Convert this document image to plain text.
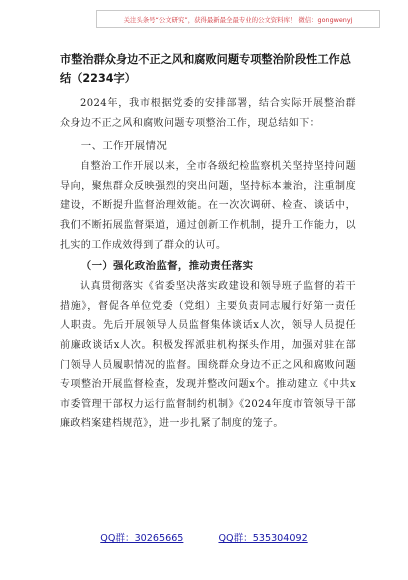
关注头条号“公文研究”，获得最新最全最专业的公文资料库！ 微信：gongwenyj
市整治群众身边不正之风和腐败问题专项整治阶段性工作总结（2234字）

2024年，我市根据党委的安排部署，结合实际开展整治群众身边不正之风和腐败问题专项整治工作，现总结如下：

一、工作开展情况

自整治工作开展以来，全市各级纪检监察机关坚持坚持问题导向，聚焦群众反映强烈的突出问题，坚持标本兼治，注重制度建设，不断提升监督治理效能。在一次次调研、检查、谈话中，我们不断拓展监督渠道，通过创新工作机制，提升工作能力，以扎实的工作成效得到了群众的认可。

（一）强化政治监督，推动责任落实

认真贯彻落实《省委坚决落实政建设和领导班子监督的若干措施》，督促各单位党委（党组）主要负责同志履行好第一责任人职责。先后开展领导人员监督集体谈话x人次，领导人员提任前廉政谈话x人次。积极发挥派驻机构探头作用，加强对驻在部门领导人员履职情况的监督。围绕群众身边不正之风和腐败问题专项整治开展监督检查，发现并整改问题x个。推动建立《中共x市委管理干部权力运行监督制约机制》《2024年度市管领导干部廉政档案建档规范》，进一步扎紧了制度的笼子。

QQ群：30265665	QQ群：535304092
